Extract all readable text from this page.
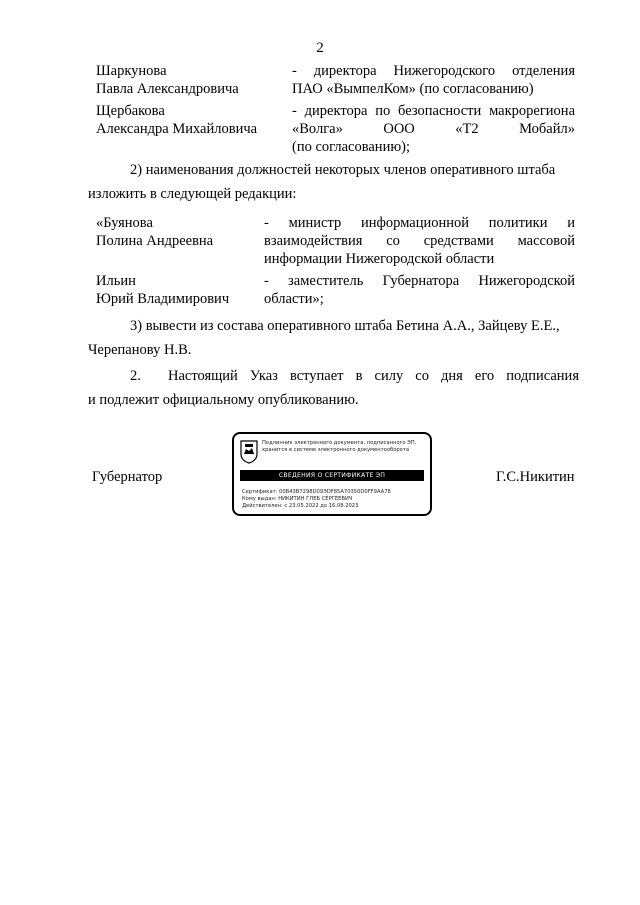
2
Шаркунова
Павла Александровича
- директора Нижегородского отделения
ПАО «ВымпелКом» (по согласованию)
Щербакова
Александра Михайловича
- директора по безопасности макрорегиона
«Волга» ООО «Т2 Мобайл»
(по согласованию);
2) наименования должностей некоторых членов оперативного штаба
изложить в следующей редакции:
«Буянова
Полина Андреевна
- министр информационной политики и
взаимодействия со средствами массовой
информации Нижегородской области
Ильин
Юрий Владимирович
- заместитель Губернатора Нижегородской
области»;
3) вывести из состава оперативного штаба Бетина А.А., Зайцеву Е.Е.,
Черепанову Н.В.
2. Настоящий Указ вступает в силу со дня его подписания
и подлежит официальному опубликованию.
Губернатор	Г.С.Никитин
Подлинник электронного документа, подписанного ЭП, хранится в системе электронного документооборота
СВЕДЕНИЯ О СЕРТИФИКАТЕ ЭП
Сертификат: 00B43B7298D09ЭDF85A70350D0FF9AA78
Кому выдан: НИКИТИН ГЛЕБ СЕРГЕЕВИЧ
Действителен: с 23.05.2022 до 16.08.2023
